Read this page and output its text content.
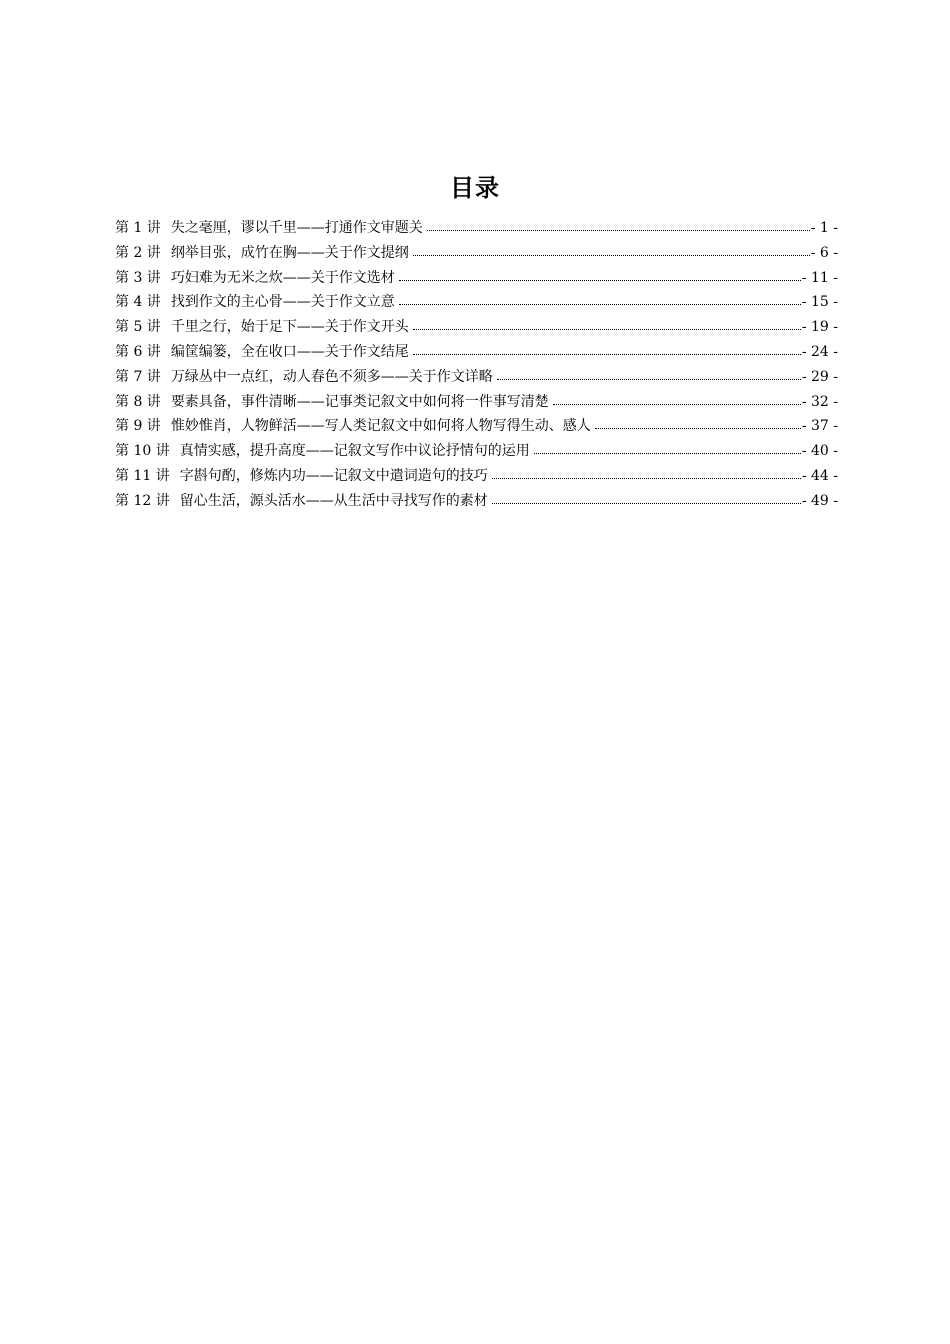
目录
第 1 讲 失之毫厘，谬以千里——打通作文审题关	- 1 -
第 2 讲 纲举目张，成竹在胸——关于作文提纲	- 6 -
第 3 讲 巧妇难为无米之炊——关于作文选材	- 11 -
第 4 讲 找到作文的主心骨——关于作文立意	- 15 -
第 5 讲 千里之行，始于足下——关于作文开头	- 19 -
第 6 讲 编筐编篓，全在收口——关于作文结尾	- 24 -
第 7 讲 万绿丛中一点红，动人春色不须多——关于作文详略	- 29 -
第 8 讲 要素具备，事件清晰——记事类记叙文中如何将一件事写清楚	- 32 -
第 9 讲 惟妙惟肖，人物鲜活——写人类记叙文中如何将人物写得生动、感人	- 37 -
第 10 讲 真情实感，提升高度——记叙文写作中议论抒情句的运用	- 40 -
第 11 讲 字斟句酌，修炼内功——记叙文中遣词造句的技巧	- 44 -
第 12 讲 留心生活，源头活水——从生活中寻找写作的素材	- 49 -
